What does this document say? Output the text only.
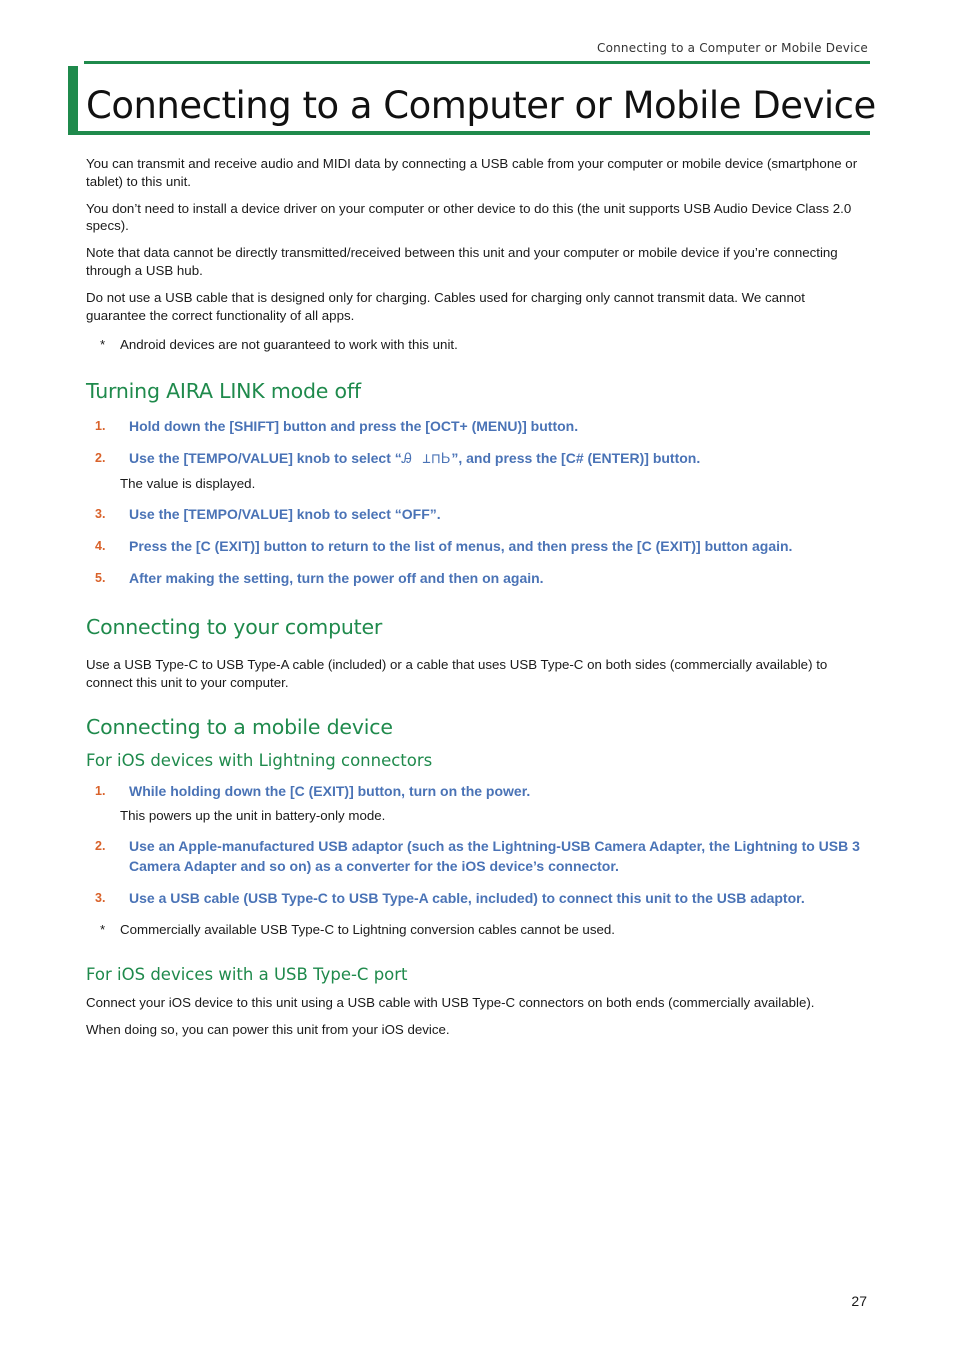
Connecting to a Computer or Mobile Device
Connecting to a Computer or Mobile Device

You can transmit and receive audio and MIDI data by connecting a USB cable from your computer or mobile device (smartphone or tablet) to this unit.

You don’t need to install a device driver on your computer or other device to do this (the unit supports USB Audio Device Class 2.0 specs).

Note that data cannot be directly transmitted/received between this unit and your computer or mobile device if you’re connecting through a USB hub.

Do not use a USB cable that is designed only for charging. Cables used for charging only cannot transmit data. We cannot guarantee the correct functionality of all apps.

* Android devices are not guaranteed to work with this unit.
Turning AIRA LINK mode off
1. Hold down the [SHIFT] button and press the [OCT+ (MENU)] button.
2. Use the [TEMPO/VALUE] knob to select “Ꭿ ⊥⊓Ꮟ”, and press the [C# (ENTER)] button.

The value is displayed.

3. Use the [TEMPO/VALUE] knob to select “OFF”.
4. Press the [C (EXIT)] button to return to the list of menus, and then press the [C (EXIT)] button again.
5. After making the setting, turn the power off and then on again.
Connecting to your computer

Use a USB Type-C to USB Type-A cable (included) or a cable that uses USB Type-C on both sides (commercially available) to connect this unit to your computer.

Connecting to a mobile device
For iOS devices with Lightning connectors
1. While holding down the [C (EXIT)] button, turn on the power.

This powers up the unit in battery-only mode.

2. Use an Apple-manufactured USB adaptor (such as the Lightning-USB Camera Adapter, the Lightning to USB 3 Camera Adapter and so on) as a converter for the iOS device’s connector.
3. Use a USB cable (USB Type-C to USB Type-A cable, included) to connect this unit to the USB adaptor.
* Commercially available USB Type-C to Lightning conversion cables cannot be used.
For iOS devices with a USB Type-C port

Connect your iOS device to this unit using a USB cable with USB Type-C connectors on both ends (commercially available).

When doing so, you can power this unit from your iOS device.

27
